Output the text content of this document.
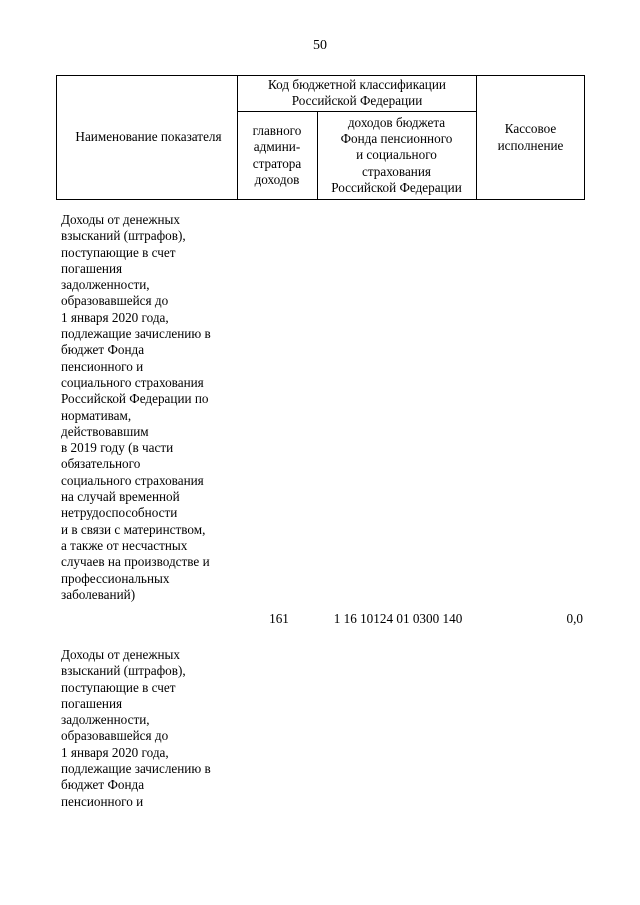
50
Наименование показателя
Код бюджетной классификации
Российской Федерации
главного
админи-
стратора
доходов
доходов бюджета
Фонда пенсионного
и социального
страхования
Российской Федерации
Кассовое
исполнение
Доходы от денежных
взысканий (штрафов),
поступающие в счет
погашения
задолженности,
образовавшейся до
1 января 2020 года,
подлежащие зачислению в
бюджет Фонда
пенсионного и
социального страхования
Российской Федерации по
нормативам,
действовавшим
в 2019 году (в части
обязательного
социального страхования
на случай временной
нетрудоспособности
и в связи с материнством,
а также от несчастных
случаев на производстве и
профессиональных
заболеваний)
161	1 16 10124 01 0300 140	0,0
Доходы от денежных
взысканий (штрафов),
поступающие в счет
погашения
задолженности,
образовавшейся до
1 января 2020 года,
подлежащие зачислению в
бюджет Фонда
пенсионного и
